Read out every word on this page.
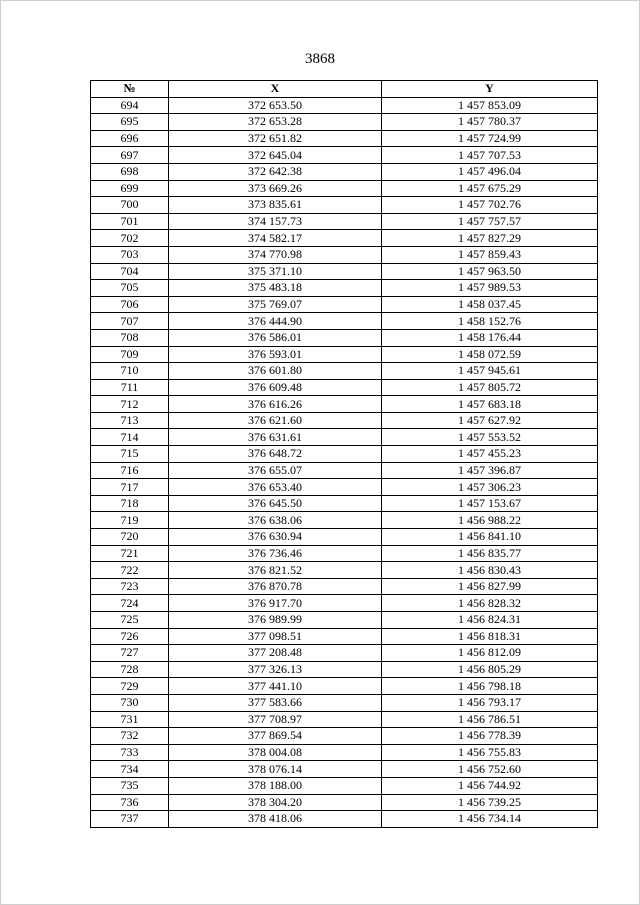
3868
№	X	Y
694	372 653.50	1 457 853.09
695	372 653.28	1 457 780.37
696	372 651.82	1 457 724.99
697	372 645.04	1 457 707.53
698	372 642.38	1 457 496.04
699	373 669.26	1 457 675.29
700	373 835.61	1 457 702.76
701	374 157.73	1 457 757.57
702	374 582.17	1 457 827.29
703	374 770.98	1 457 859.43
704	375 371.10	1 457 963.50
705	375 483.18	1 457 989.53
706	375 769.07	1 458 037.45
707	376 444.90	1 458 152.76
708	376 586.01	1 458 176.44
709	376 593.01	1 458 072.59
710	376 601.80	1 457 945.61
711	376 609.48	1 457 805.72
712	376 616.26	1 457 683.18
713	376 621.60	1 457 627.92
714	376 631.61	1 457 553.52
715	376 648.72	1 457 455.23
716	376 655.07	1 457 396.87
717	376 653.40	1 457 306.23
718	376 645.50	1 457 153.67
719	376 638.06	1 456 988.22
720	376 630.94	1 456 841.10
721	376 736.46	1 456 835.77
722	376 821.52	1 456 830.43
723	376 870.78	1 456 827.99
724	376 917.70	1 456 828.32
725	376 989.99	1 456 824.31
726	377 098.51	1 456 818.31
727	377 208.48	1 456 812.09
728	377 326.13	1 456 805.29
729	377 441.10	1 456 798.18
730	377 583.66	1 456 793.17
731	377 708.97	1 456 786.51
732	377 869.54	1 456 778.39
733	378 004.08	1 456 755.83
734	378 076.14	1 456 752.60
735	378 188.00	1 456 744.92
736	378 304.20	1 456 739.25
737	378 418.06	1 456 734.14
